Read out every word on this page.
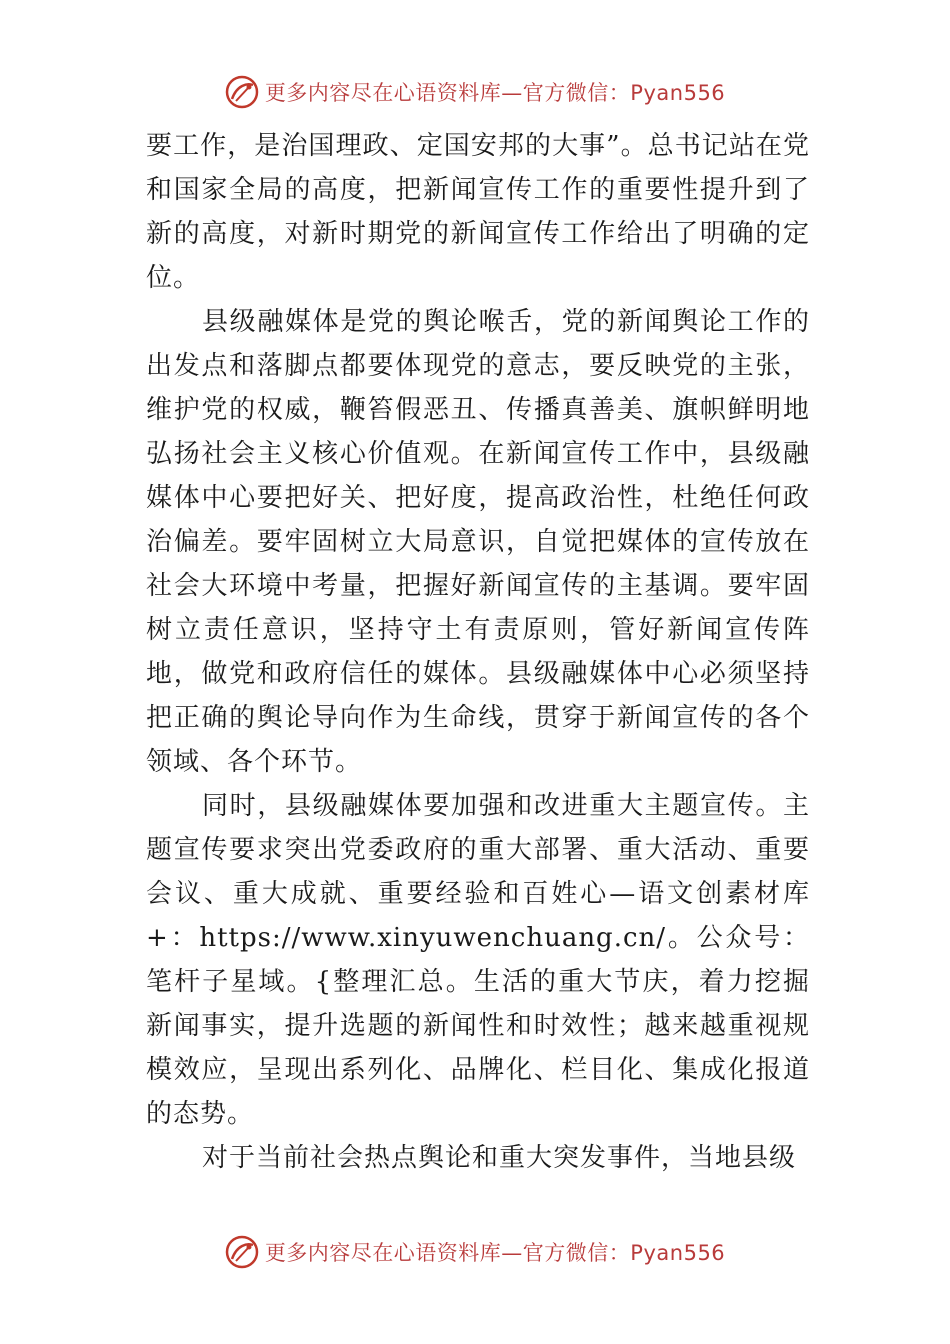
更多内容尽在心语资料库—官方微信：Pyan556

要工作，是治国理政、定国安邦的大事”。总书记站在党和国家全局的高度，把新闻宣传工作的重要性提升到了新的高度，对新时期党的新闻宣传工作给出了明确的定位。

县级融媒体是党的舆论喉舌，党的新闻舆论工作的出发点和落脚点都要体现党的意志，要反映党的主张，维护党的权威，鞭笞假恶丑、传播真善美、旗帜鲜明地弘扬社会主义核心价值观。在新闻宣传工作中，县级融媒体中心要把好关、把好度，提高政治性，杜绝任何政治偏差。要牢固树立大局意识，自觉把媒体的宣传放在社会大环境中考量，把握好新闻宣传的主基调。要牢固树立责任意识，坚持守土有责原则，管好新闻宣传阵地，做党和政府信任的媒体。县级融媒体中心必须坚持把正确的舆论导向作为生命线，贯穿于新闻宣传的各个领域、各个环节。

同时，县级融媒体要加强和改进重大主题宣传。主题宣传要求突出党委政府的重大部署、重大活动、重要会议、重大成就、重要经验和百姓心—语文创素材库+：https://www.xinyuwenchuang.cn/。公众号：笔杆子星域。{整理汇总。生活的重大节庆，着力挖掘新闻事实，提升选题的新闻性和时效性；越来越重视规模效应，呈现出系列化、品牌化、栏目化、集成化报道的态势。

对于当前社会热点舆论和重大突发事件，当地县级

更多内容尽在心语资料库—官方微信：Pyan556
